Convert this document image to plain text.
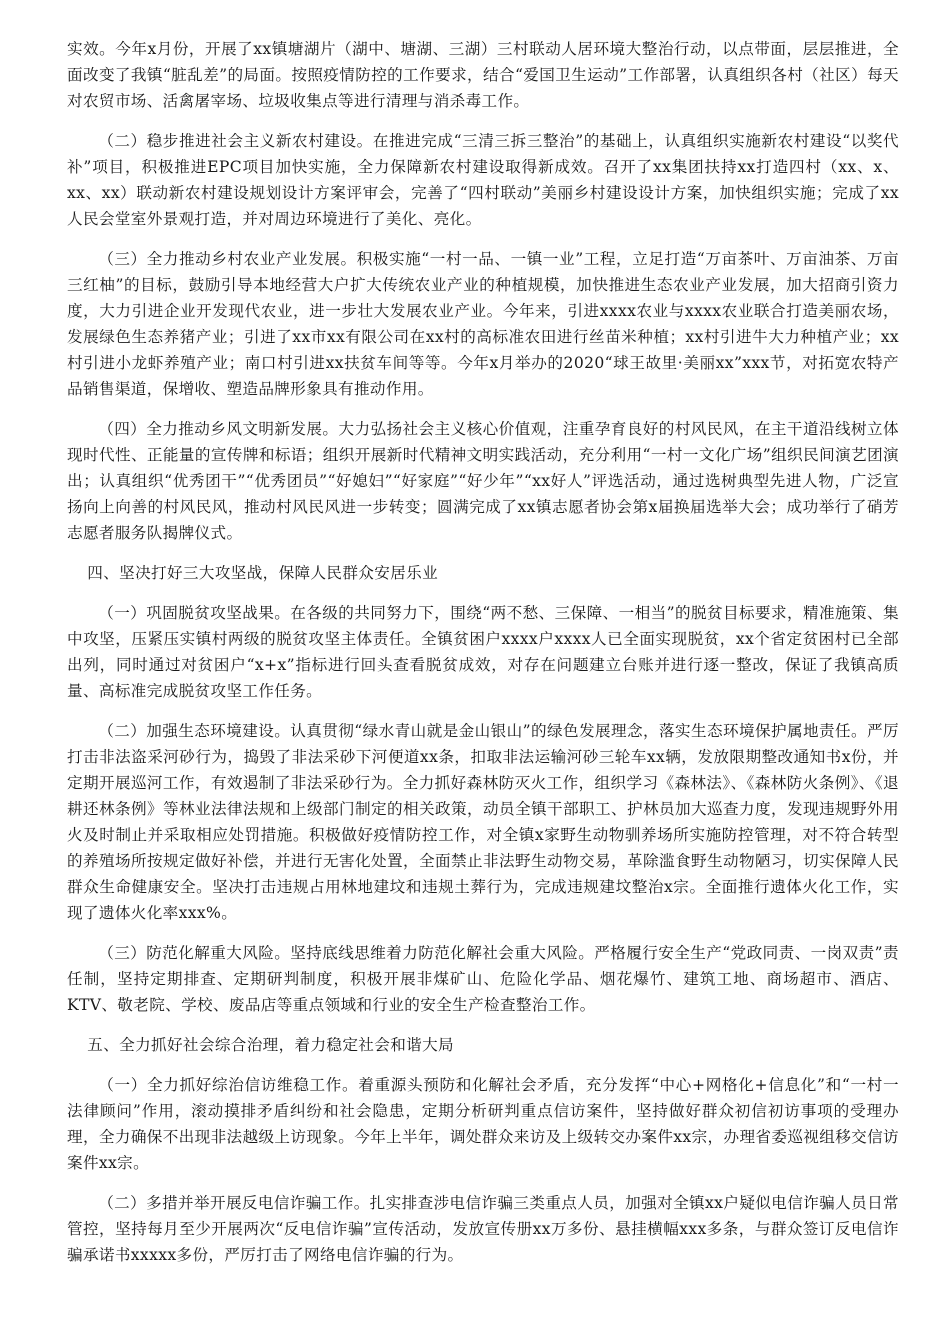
实效。今年x月份，开展了xx镇塘湖片（湖中、塘湖、三湖）三村联动人居环境大整治行动，以点带面，层层推进，全面改变了我镇“脏乱差”的局面。按照疫情防控的工作要求，结合“爱国卫生运动”工作部署，认真组织各村（社区）每天对农贸市场、活禽屠宰场、垃圾收集点等进行清理与消杀毒工作。

（二）稳步推进社会主义新农村建设。在推进完成“三清三拆三整治”的基础上，认真组织实施新农村建设“以奖代补”项目，积极推进EPC项目加快实施，全力保障新农村建设取得新成效。召开了xx集团扶持xx打造四村（xx、x、xx、xx）联动新农村建设规划设计方案评审会，完善了“四村联动”美丽乡村建设设计方案，加快组织实施；完成了xx人民会堂室外景观打造，并对周边环境进行了美化、亮化。

（三）全力推动乡村农业产业发展。积极实施“一村一品、一镇一业”工程，立足打造“万亩茶叶、万亩油茶、万亩三红柚”的目标，鼓励引导本地经营大户扩大传统农业产业的种植规模，加快推进生态农业产业发展，加大招商引资力度，大力引进企业开发现代农业，进一步壮大发展农业产业。今年来，引进xxxx农业与xxxx农业联合打造美丽农场，发展绿色生态养猪产业；引进了xx市xx有限公司在xx村的高标准农田进行丝苗米种植；xx村引进牛大力种植产业；xx村引进小龙虾养殖产业；南口村引进xx扶贫车间等等。今年x月举办的2020“球王故里·美丽xx”xxx节，对拓宽农特产品销售渠道，保增收、塑造品牌形象具有推动作用。

（四）全力推动乡风文明新发展。大力弘扬社会主义核心价值观，注重孕育良好的村风民风，在主干道沿线树立体现时代性、正能量的宣传牌和标语；组织开展新时代精神文明实践活动，充分利用“一村一文化广场”组织民间演艺团演出；认真组织“优秀团干”“优秀团员”“好媳妇”“好家庭”“好少年”“xx好人”评选活动，通过选树典型先进人物，广泛宣扬向上向善的村风民风，推动村风民风进一步转变；圆满完成了xx镇志愿者协会第x届换届选举大会；成功举行了硝芳志愿者服务队揭牌仪式。

四、坚决打好三大攻坚战，保障人民群众安居乐业

（一）巩固脱贫攻坚战果。在各级的共同努力下，围绕“两不愁、三保障、一相当”的脱贫目标要求，精准施策、集中攻坚，压紧压实镇村两级的脱贫攻坚主体责任。全镇贫困户xxxx户xxxx人已全面实现脱贫，xx个省定贫困村已全部出列，同时通过对贫困户“x+x”指标进行回头查看脱贫成效，对存在问题建立台账并进行逐一整改，保证了我镇高质量、高标准完成脱贫攻坚工作任务。

（二）加强生态环境建设。认真贯彻“绿水青山就是金山银山”的绿色发展理念，落实生态环境保护属地责任。严厉打击非法盗采河砂行为，捣毁了非法采砂下河便道xx条，扣取非法运输河砂三轮车xx辆，发放限期整改通知书x份，并定期开展巡河工作，有效遏制了非法采砂行为。全力抓好森林防灭火工作，组织学习《森林法》、《森林防火条例》、《退耕还林条例》等林业法律法规和上级部门制定的相关政策，动员全镇干部职工、护林员加大巡查力度，发现违规野外用火及时制止并采取相应处罚措施。积极做好疫情防控工作，对全镇x家野生动物驯养场所实施防控管理，对不符合转型的养殖场所按规定做好补偿，并进行无害化处置，全面禁止非法野生动物交易，革除滥食野生动物陋习，切实保障人民群众生命健康安全。坚决打击违规占用林地建坟和违规土葬行为，完成违规建坟整治x宗。全面推行遗体火化工作，实现了遗体火化率xxx%。

（三）防范化解重大风险。坚持底线思维着力防范化解社会重大风险。严格履行安全生产“党政同责、一岗双责”责任制，坚持定期排查、定期研判制度，积极开展非煤矿山、危险化学品、烟花爆竹、建筑工地、商场超市、酒店、KTV、敬老院、学校、废品店等重点领域和行业的安全生产检查整治工作。

五、全力抓好社会综合治理，着力稳定社会和谐大局

（一）全力抓好综治信访维稳工作。着重源头预防和化解社会矛盾，充分发挥“中心+网格化+信息化”和“一村一法律顾问”作用，滚动摸排矛盾纠纷和社会隐患，定期分析研判重点信访案件，坚持做好群众初信初访事项的受理办理，全力确保不出现非法越级上访现象。今年上半年，调处群众来访及上级转交办案件xx宗，办理省委巡视组移交信访案件xx宗。

（二）多措并举开展反电信诈骗工作。扎实排查涉电信诈骗三类重点人员，加强对全镇xx户疑似电信诈骗人员日常管控，坚持每月至少开展两次“反电信诈骗”宣传活动，发放宣传册xx万多份、悬挂横幅xxx多条，与群众签订反电信诈骗承诺书xxxxx多份，严厉打击了网络电信诈骗的行为。
